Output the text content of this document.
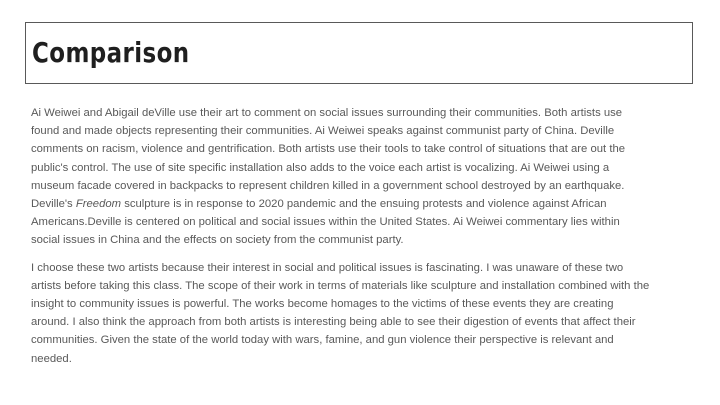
Comparison

Ai Weiwei and Abigail deVille use their art to comment on social issues surrounding their communities. Both artists use
found and made objects representing their communities. Ai Weiwei speaks against communist party of China. Deville
comments on racism, violence and gentrification. Both artists use their tools to take control of situations that are out the
public's control. The use of site specific installation also adds to the voice each artist is vocalizing. Ai Weiwei using a
museum facade covered in backpacks to represent children killed in a government school destroyed by an earthquake.
Deville's Freedom sculpture is in response to 2020 pandemic and the ensuing protests and violence against African
Americans.Deville is centered on political and social issues within the United States. Ai Weiwei commentary lies within
social issues in China and the effects on society from the communist party.

I choose these two artists because their interest in social and political issues is fascinating. I was unaware of these two
artists before taking this class. The scope of their work in terms of materials like sculpture and installation combined with the
insight to community issues is powerful. The works become homages to the victims of these events they are creating
around. I also think the approach from both artists is interesting being able to see their digestion of events that affect their
communities. Given the state of the world today with wars, famine, and gun violence their perspective is relevant and
needed.
